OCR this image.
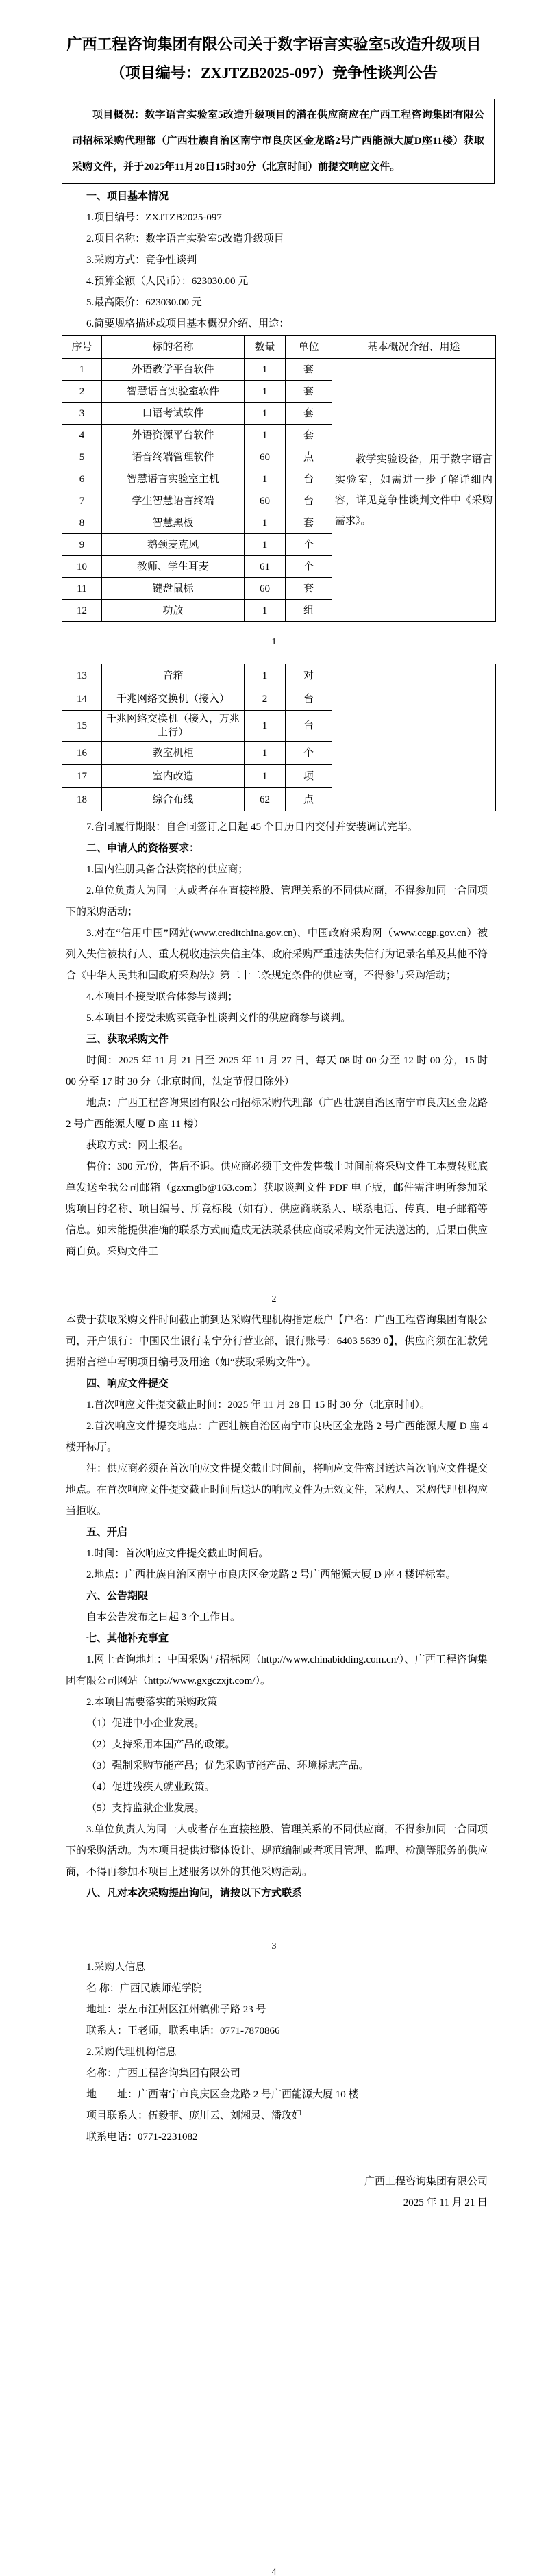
广西工程咨询集团有限公司关于数字语言实验室5改造升级项目
（项目编号：ZXJTZB2025-097）竞争性谈判公告

项目概况：数字语言实验室5改造升级项目的潜在供应商应在广西工程咨询集团有限公司招标采购代理部（广西壮族自治区南宁市良庆区金龙路2号广西能源大厦D座11楼）获取采购文件，并于2025年11月28日15时30分（北京时间）前提交响应文件。

一、项目基本情况

1.项目编号：ZXJTZB2025-097

2.项目名称：数字语言实验室5改造升级项目

3.采购方式：竞争性谈判

4.预算金额（人民币）：623030.00 元

5.最高限价：623030.00 元

6.简要规格描述或项目基本概况介绍、用途：

序号	标的名称	数量	单位	基本概况介绍、用途
1	外语教学平台软件	1	套	教学实验设备，用于数字语言实验室，如需进一步了解详细内容，详见竞争性谈判文件中《采购需求》。

2	智慧语言实验室软件	1	套	
3	口语考试软件	1	套	
4	外语资源平台软件	1	套	
5	语音终端管理软件	60	点	
6	智慧语言实验室主机	1	台	
7	学生智慧语言终端	60	台	
8	智慧黑板	1	套	
9	鹅颈麦克风	1	个	
10	教师、学生耳麦	61	个	
11	键盘鼠标	60	套	
12	功放	1	组	

1

13	音箱	1	对	
14	千兆网络交换机（接入）	2	台	
15	千兆网络交换机（接入，万兆上行）	1	台	
16	教室机柜	1	个	
17	室内改造	1	项	
18	综合布线	62	点	

7.合同履行期限：自合同签订之日起 45 个日历日内交付并安装调试完毕。

二、申请人的资格要求：

1.国内注册具备合法资格的供应商；

2.单位负责人为同一人或者存在直接控股、管理关系的不同供应商，不得参加同一合同项下的采购活动；

3.对在“信用中国”网站(www.creditchina.gov.cn)、中国政府采购网（www.ccgp.gov.cn）被列入失信被执行人、重大税收违法失信主体、政府采购严重违法失信行为记录名单及其他不符合《中华人民共和国政府采购法》第二十二条规定条件的供应商，不得参与采购活动；

4.本项目不接受联合体参与谈判；

5.本项目不接受未购买竞争性谈判文件的供应商参与谈判。

三、获取采购文件

时间：2025 年 11 月 21 日至 2025 年 11 月 27 日，每天 08 时 00 分至 12 时 00 分，15 时 00 分至 17 时 30 分（北京时间，法定节假日除外）

地点：广西工程咨询集团有限公司招标采购代理部（广西壮族自治区南宁市良庆区金龙路 2 号广西能源大厦 D 座 11 楼）

获取方式：网上报名。

售价：300 元/份，售后不退。供应商必须于文件发售截止时间前将采购文件工本费转账底单发送至我公司邮箱（gzxmglb@163.com）获取谈判文件 PDF 电子版，邮件需注明所参加采购项目的名称、项目编号、所竞标段（如有）、供应商联系人、联系电话、传真、电子邮箱等信息。如未能提供准确的联系方式而造成无法联系供应商或采购文件无法送达的，后果由供应商自负。采购文件工

2

本费于获取采购文件时间截止前到达采购代理机构指定账户【户名：广西工程咨询集团有限公司，开户银行：中国民生银行南宁分行营业部，银行账号：6403 5639 0】，供应商须在汇款凭据附言栏中写明项目编号及用途（如“获取采购文件”）。

四、响应文件提交

1.首次响应文件提交截止时间：2025 年 11 月 28 日 15 时 30 分（北京时间）。

2.首次响应文件提交地点：广西壮族自治区南宁市良庆区金龙路 2 号广西能源大厦 D 座 4 楼开标厅。

注：供应商必须在首次响应文件提交截止时间前，将响应文件密封送达首次响应文件提交地点。在首次响应文件提交截止时间后送达的响应文件为无效文件，采购人、采购代理机构应当拒收。

五、开启

1.时间：首次响应文件提交截止时间后。

2.地点：广西壮族自治区南宁市良庆区金龙路 2 号广西能源大厦 D 座 4 楼评标室。

六、公告期限

自本公告发布之日起 3 个工作日。

七、其他补充事宜

1.网上查询地址：中国采购与招标网（http://www.chinabidding.com.cn/）、广西工程咨询集团有限公司网站（http://www.gxgczxjt.com/）。

2.本项目需要落实的采购政策

（1）促进中小企业发展。

（2）支持采用本国产品的政策。

（3）强制采购节能产品；优先采购节能产品、环境标志产品。

（4）促进残疾人就业政策。

（5）支持监狱企业发展。

3.单位负责人为同一人或者存在直接控股、管理关系的不同供应商，不得参加同一合同项下的采购活动。为本项目提供过整体设计、规范编制或者项目管理、监理、检测等服务的供应商，不得再参加本项目上述服务以外的其他采购活动。

八、凡对本次采购提出询问，请按以下方式联系

3

1.采购人信息

名 称：广西民族师范学院

地址：崇左市江州区江州镇佛子路 23 号

联系人：王老师，联系电话：0771-7870866

2.采购代理机构信息

名称：广西工程咨询集团有限公司

地　　址：广西南宁市良庆区金龙路 2 号广西能源大厦 10 楼

项目联系人：伍毅菲、庞川云、刘湘灵、潘玫妃

联系电话：0771-2231082

广西工程咨询集团有限公司

2025 年 11 月 21 日

4
